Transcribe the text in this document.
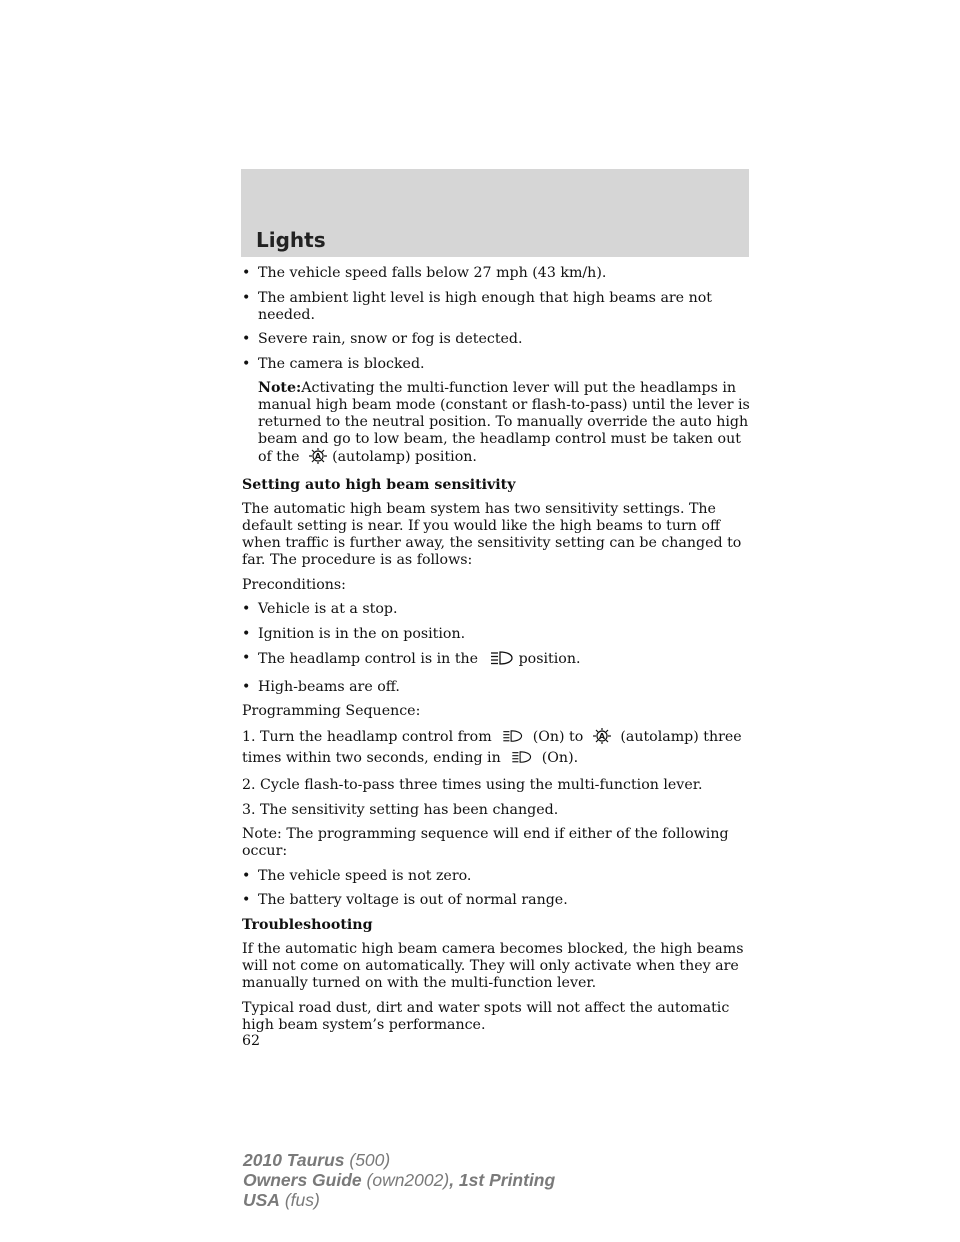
Lights
• The vehicle speed falls below 27 mph (43 km/h).
• The ambient light level is high enough that high beams are not needed.
• Severe rain, snow or fog is detected.
• The camera is blocked.
Note:Activating the multi-function lever will put the headlamps in manual high beam mode (constant or flash-to-pass) until the lever is returned to the neutral position. To manually override the auto high beam and go to low beam, the headlamp control must be taken out of the A (autolamp) position.
Setting auto high beam sensitivity
The automatic high beam system has two sensitivity settings. The default setting is near. If you would like the high beams to turn off when traffic is further away, the sensitivity setting can be changed to far. The procedure is as follows:
Preconditions:
• Vehicle is at a stop.
• Ignition is in the on position.
• The headlamp control is in the	position.
• High-beams are off.
Programming Sequence:
1. Turn the headlamp control from	(On) to A (autolamp) three
times within two seconds, ending in	(On).
2. Cycle flash-to-pass three times using the multi-function lever.
3. The sensitivity setting has been changed.
Note: The programming sequence will end if either of the following occur:
• The vehicle speed is not zero.
• The battery voltage is out of normal range.
Troubleshooting
If the automatic high beam camera becomes blocked, the high beams will not come on automatically. They will only activate when they are manually turned on with the multi-function lever.
Typical road dust, dirt and water spots will not affect the automatic high beam system’s performance.
62
2010 Taurus (500)
Owners Guide (own2002), 1st Printing
USA (fus)
